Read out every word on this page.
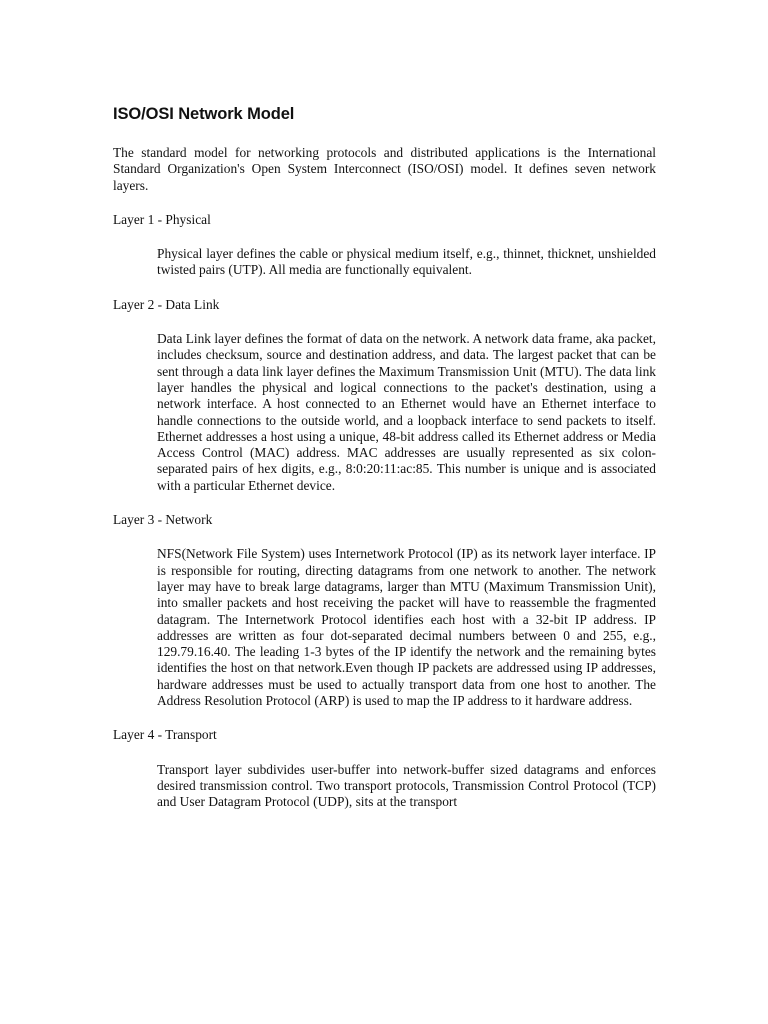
ISO/OSI Network Model

The standard model for networking protocols and distributed applications is the International Standard Organization's Open System Interconnect (ISO/OSI) model. It defines seven network layers.

Layer 1 - Physical

Physical layer defines the cable or physical medium itself, e.g., thinnet, thicknet, unshielded twisted pairs (UTP). All media are functionally equivalent.

Layer 2 - Data Link

Data Link layer defines the format of data on the network. A network data frame, aka packet, includes checksum, source and destination address, and data. The largest packet that can be sent through a data link layer defines the Maximum Transmission Unit (MTU). The data link layer handles the physical and logical connections to the packet's destination, using a network interface. A host connected to an Ethernet would have an Ethernet interface to handle connections to the outside world, and a loopback interface to send packets to itself. Ethernet addresses a host using a unique, 48-bit address called its Ethernet address or Media Access Control (MAC) address. MAC addresses are usually represented as six colon-separated pairs of hex digits, e.g., 8:0:20:11:ac:85. This number is unique and is associated with a particular Ethernet device.

Layer 3 - Network

NFS(Network File System) uses Internetwork Protocol (IP) as its network layer interface. IP is responsible for routing, directing datagrams from one network to another. The network layer may have to break large datagrams, larger than MTU (Maximum Transmission Unit), into smaller packets and host receiving the packet will have to reassemble the fragmented datagram. The Internetwork Protocol identifies each host with a 32-bit IP address. IP addresses are written as four dot-separated decimal numbers between 0 and 255, e.g., 129.79.16.40. The leading 1-3 bytes of the IP identify the network and the remaining bytes identifies the host on that network.Even though IP packets are addressed using IP addresses, hardware addresses must be used to actually transport data from one host to another. The Address Resolution Protocol (ARP) is used to map the IP address to it hardware address.

Layer 4 - Transport

Transport layer subdivides user-buffer into network-buffer sized datagrams and enforces desired transmission control. Two transport protocols, Transmission Control Protocol (TCP) and User Datagram Protocol (UDP), sits at the transport
